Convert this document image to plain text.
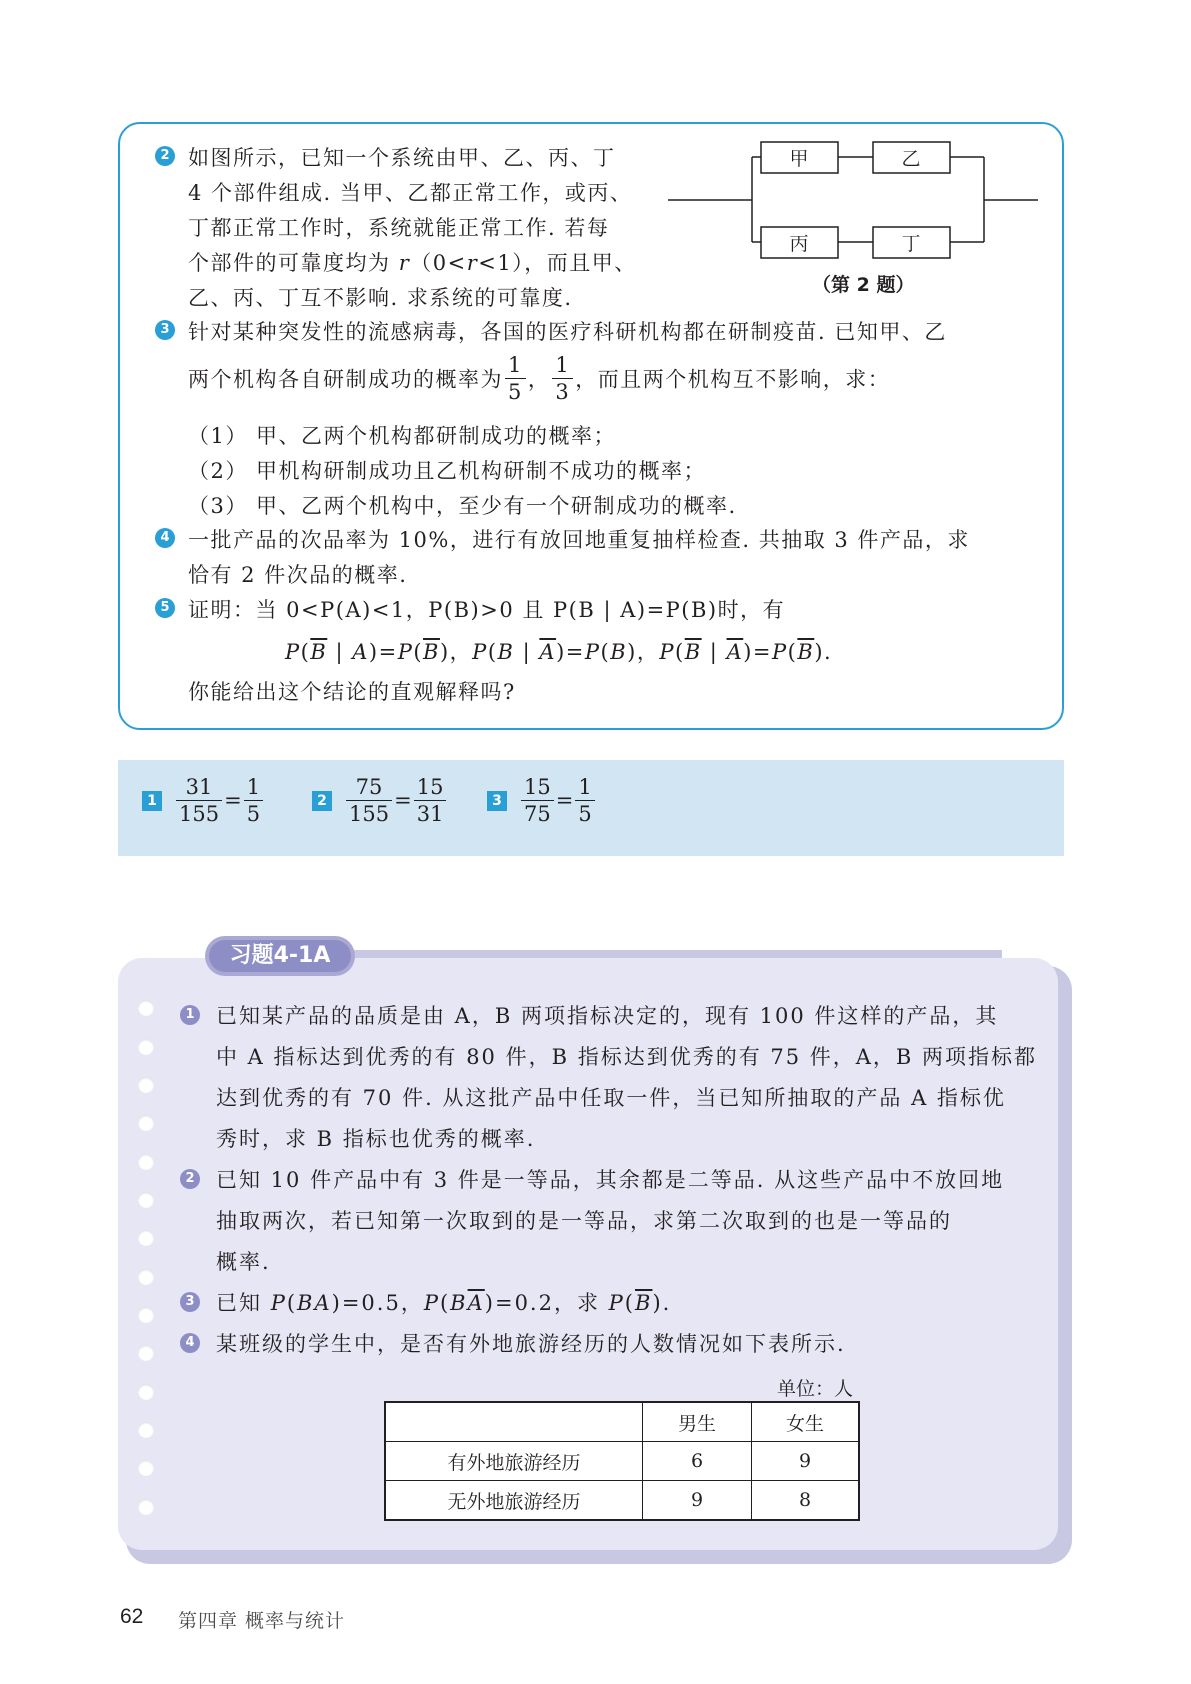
2 如图所示，已知一个系统由甲、乙、丙、丁
4 个部件组成. 当甲、乙都正常工作，或丙、
丁都正常工作时，系统就能正常工作. 若每
个部件的可靠度均为 r（0<r<1），而且甲、
乙、丙、丁互不影响. 求系统的可靠度.
甲	乙
丙	丁
（第 2 题）
3 针对某种突发性的流感病毒，各国的医疗科研机构都在研制疫苗. 已知甲、乙
两个机构各自研制成功的概率为 $\frac{1}{5}$ ， $\frac{1}{3}$ ，而且两个机构互不影响，求：
（1） 甲、乙两个机构都研制成功的概率；
（2） 甲机构研制成功且乙机构研制不成功的概率；
（3） 甲、乙两个机构中，至少有一个研制成功的概率.
4 一批产品的次品率为 10%，进行有放回地重复抽样检查. 共抽取 3 件产品，求
恰有 2 件次品的概率.
5 证明：当 0<P(A)<1，P(B)>0 且 P(B | A)=P(B)时，有
$P(\overline{B}$ | $A)=P(\overline{B})$，P(B | $\overline{A})=P(B)$，$P(\overline{B}$ | $\overline{A})=P(\overline{B})$.
你能给出这个结论的直观解释吗?
$1 \frac{31}{155} = \frac{1}{5}$	$2 \frac{75}{155} = \frac{15}{31}$	$3 \frac{15}{75} = \frac{1}{5}$
习题4-1A
1 已知某产品的品质是由 A，B 两项指标决定的，现有 100 件这样的产品，其
中 A 指标达到优秀的有 80 件，B 指标达到优秀的有 75 件，A，B 两项指标都
达到优秀的有 70 件. 从这批产品中任取一件，当已知所抽取的产品 A 指标优
秀时，求 B 指标也优秀的概率.
2 已知 10 件产品中有 3 件是一等品，其余都是二等品. 从这些产品中不放回地
抽取两次，若已知第一次取到的是一等品，求第二次取到的也是一等品的
概率.
3 已知 P(BA)=0.5，$P(B\overline{A})=0.2$，求 $P(\overline{B})$.
4 某班级的学生中，是否有外地旅游经历的人数情况如下表所示.
单位：人
	男生	女生
有外地旅游经历	6	9
无外地旅游经历	9	8
62 第四章 概率与统计
